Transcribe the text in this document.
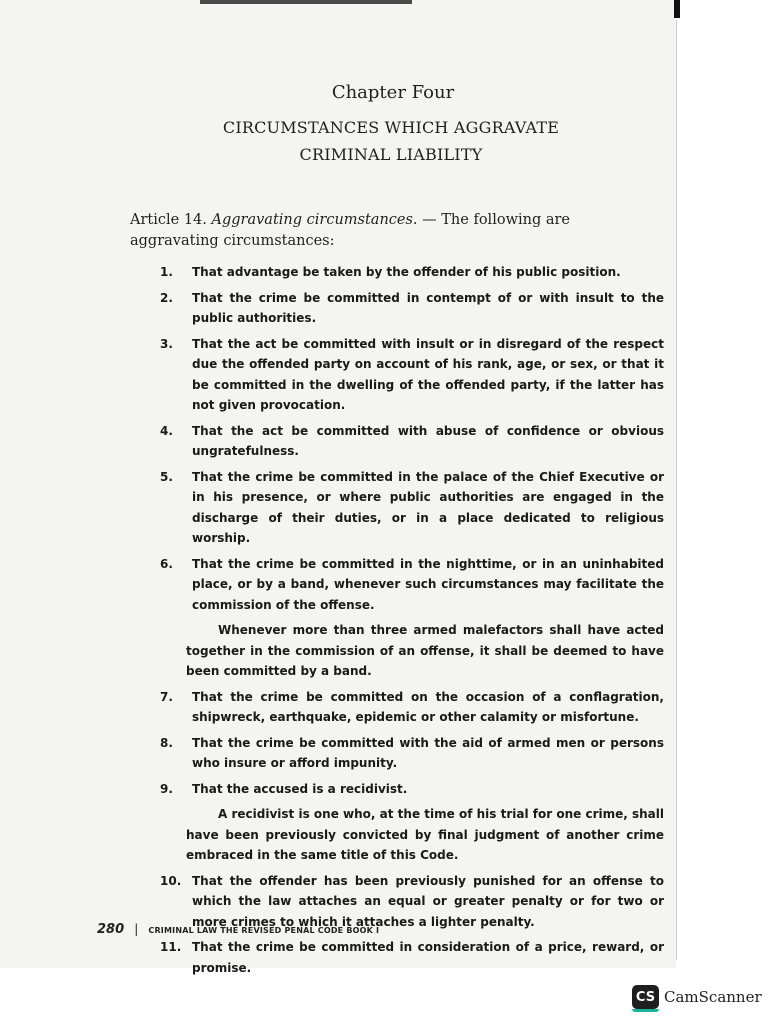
Chapter Four
CIRCUMSTANCES WHICH AGGRAVATE
CRIMINAL LIABILITY
Article 14. Aggravating circumstances. — The following are aggravating circumstances:
1.	That advantage be taken by the offender of his public position.
2.	That the crime be committed in contempt of or with insult to the public authorities.
3.	That the act be committed with insult or in disregard of the respect due the offended party on account of his rank, age, or sex, or that it be committed in the dwelling of the offended party, if the latter has not given provocation.
4.	That the act be committed with abuse of confidence or obvious ungratefulness.
5.	That the crime be committed in the palace of the Chief Executive or in his presence, or where public authorities are engaged in the discharge of their duties, or in a place dedicated to religious worship.
6.	That the crime be committed in the nighttime, or in an uninhabited place, or by a band, whenever such circumstances may facilitate the commission of the offense.
Whenever more than three armed malefactors shall have acted together in the commission of an offense, it shall be deemed to have been committed by a band.
7.	That the crime be committed on the occasion of a conflagration, shipwreck, earthquake, epidemic or other calamity or misfortune.
8.	That the crime be committed with the aid of armed men or persons who insure or afford impunity.
9.	That the accused is a recidivist.
A recidivist is one who, at the time of his trial for one crime, shall have been previously convicted by final judgment of another crime embraced in the same title of this Code.
10. That the offender has been previously punished for an offense to which the law attaches an equal or greater penalty or for two or more crimes to which it attaches a lighter penalty.
11. That the crime be committed in consideration of a price, reward, or promise.
280 | CRIMINAL LAW THE REVISED PENAL CODE BOOK I
CS CamScanner
